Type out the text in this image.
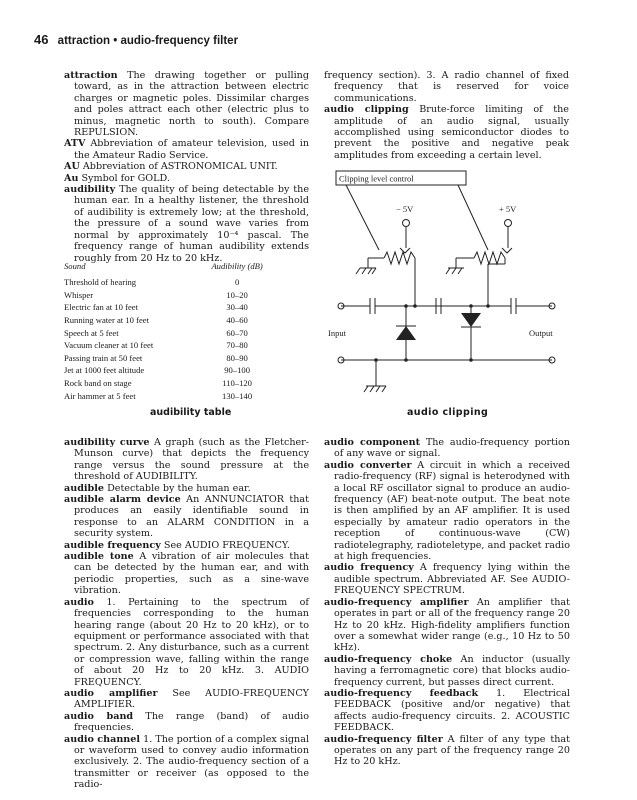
46 attraction • audio-frequency filter

attraction The drawing together or pulling toward, as in the attraction between electric charges or magnetic poles. Dissimilar charges and poles attract each other (electric plus to minus, magnetic north to south). Compare REPULSION.

ATV Abbreviation of amateur television, used in the Amateur Radio Service.

AU Abbreviation of ASTRONOMICAL UNIT.

Au Symbol for GOLD.

audibility The quality of being detectable by the human ear. In a healthy listener, the threshold of audibility is extremely low; at the threshold, the pressure of a sound wave varies from normal by approximately 10⁻⁴ pascal. The frequency range of human audibility extends roughly from 20 Hz to 20 kHz.

Sound	Audibility (dB)
Threshold of hearing	0
Whisper	10–20
Electric fan at 10 feet	30–40
Running water at 10 feet	40–60
Speech at 5 feet	60–70
Vacuum cleaner at 10 feet	70–80
Passing train at 50 feet	80–90
Jet at 1000 feet altitude	90–100
Rock band on stage	110–120
Air hammer at 5 feet	130–140
audibility table

frequency section). 3. A radio channel of fixed frequency that is reserved for voice communications.

audio clipping Brute-force limiting of the amplitude of an audio signal, usually accomplished using semiconductor diodes to prevent the positive and negative peak amplitudes from exceeding a certain level.

Clipping level control
− 5V	+ 5V
Input	Output
audio clipping

audibility curve A graph (such as the Fletcher-Munson curve) that depicts the frequency range versus the sound pressure at the threshold of AUDIBILITY.

audible Detectable by the human ear.

audible alarm device An ANNUNCIATOR that produces an easily identifiable sound in response to an ALARM CONDITION in a security system.

audible frequency See AUDIO FREQUENCY.

audible tone A vibration of air molecules that can be detected by the human ear, and with periodic properties, such as a sine-wave vibration.

audio 1. Pertaining to the spectrum of frequencies corresponding to the human hearing range (about 20 Hz to 20 kHz), or to equipment or performance associated with that spectrum. 2. Any disturbance, such as a current or compression wave, falling within the range of about 20 Hz to 20 kHz. 3. AUDIO FREQUENCY.

audio amplifier See AUDIO-FREQUENCY AMPLIFIER.

audio band The range (band) of audio frequencies.

audio channel 1. The portion of a complex signal or waveform used to convey audio information exclusively. 2. The audio-frequency section of a transmitter or receiver (as opposed to the radio-

audio component The audio-frequency portion of any wave or signal.

audio converter A circuit in which a received radio-frequency (RF) signal is heterodyned with a local RF oscillator signal to produce an audio-frequency (AF) beat-note output. The beat note is then amplified by an AF amplifier. It is used especially by amateur radio operators in the reception of continuous-wave (CW) radiotelegraphy, radioteletype, and packet radio at high frequencies.

audio frequency A frequency lying within the audible spectrum. Abbreviated AF. See AUDIO-FREQUENCY SPECTRUM.

audio-frequency amplifier An amplifier that operates in part or all of the frequency range 20 Hz to 20 kHz. High-fidelity amplifiers function over a somewhat wider range (e.g., 10 Hz to 50 kHz).

audio-frequency choke An inductor (usually having a ferromagnetic core) that blocks audio-frequency current, but passes direct current.

audio-frequency feedback 1. Electrical FEEDBACK (positive and/or negative) that affects audio-frequency circuits. 2. ACOUSTIC FEEDBACK.

audio-frequency filter A filter of any type that operates on any part of the frequency range 20 Hz to 20 kHz.
